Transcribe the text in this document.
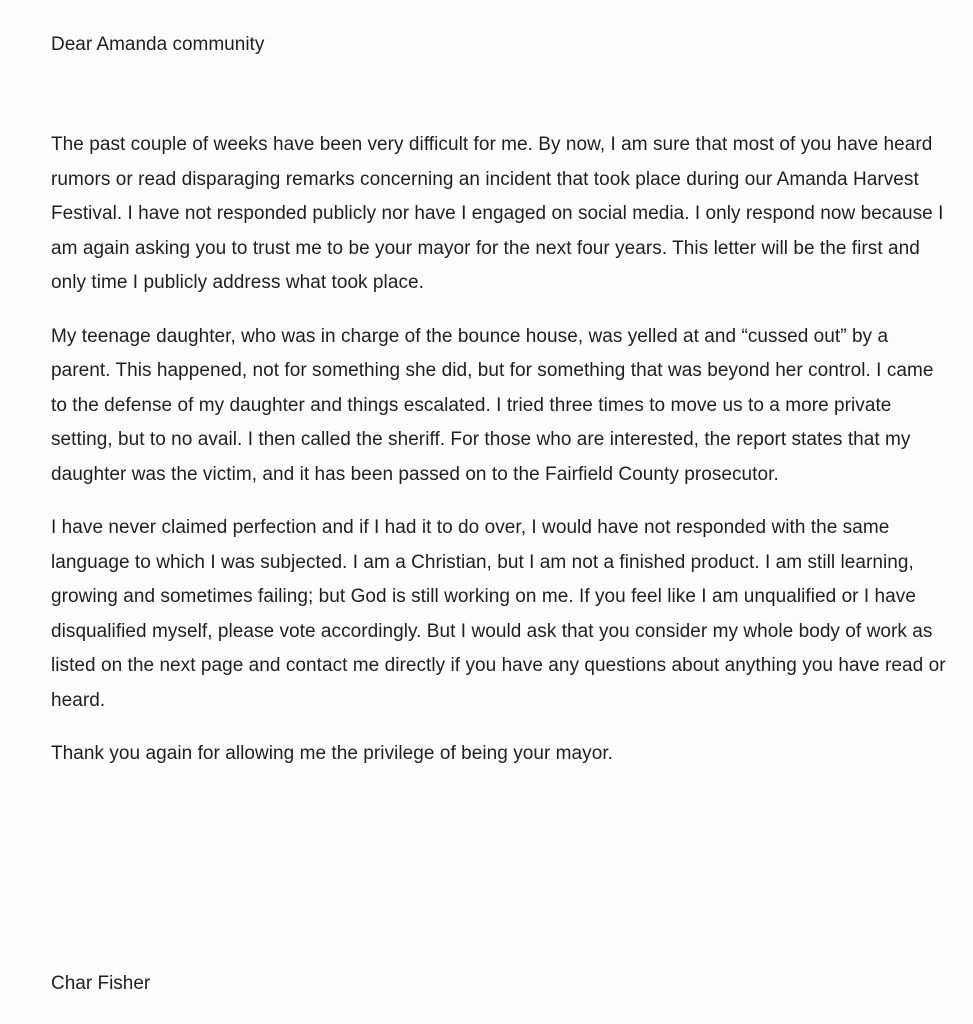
Dear Amanda community

The past couple of weeks have been very difficult for me. By now, I am sure that most of you have heard rumors or read disparaging remarks concerning an incident that took place during our Amanda Harvest Festival. I have not responded publicly nor have I engaged on social media. I only respond now because I am again asking you to trust me to be your mayor for the next four years. This letter will be the first and only time I publicly address what took place.

My teenage daughter, who was in charge of the bounce house, was yelled at and “cussed out” by a parent. This happened, not for something she did, but for something that was beyond her control. I came to the defense of my daughter and things escalated. I tried three times to move us to a more private setting, but to no avail. I then called the sheriff. For those who are interested, the report states that my daughter was the victim, and it has been passed on to the Fairfield County prosecutor.

I have never claimed perfection and if I had it to do over, I would have not responded with the same language to which I was subjected. I am a Christian, but I am not a finished product. I am still learning, growing and sometimes failing; but God is still working on me. If you feel like I am unqualified or I have disqualified myself, please vote accordingly. But I would ask that you consider my whole body of work as listed on the next page and contact me directly if you have any questions about anything you have read or heard.

Thank you again for allowing me the privilege of being your mayor.

Char Fisher
